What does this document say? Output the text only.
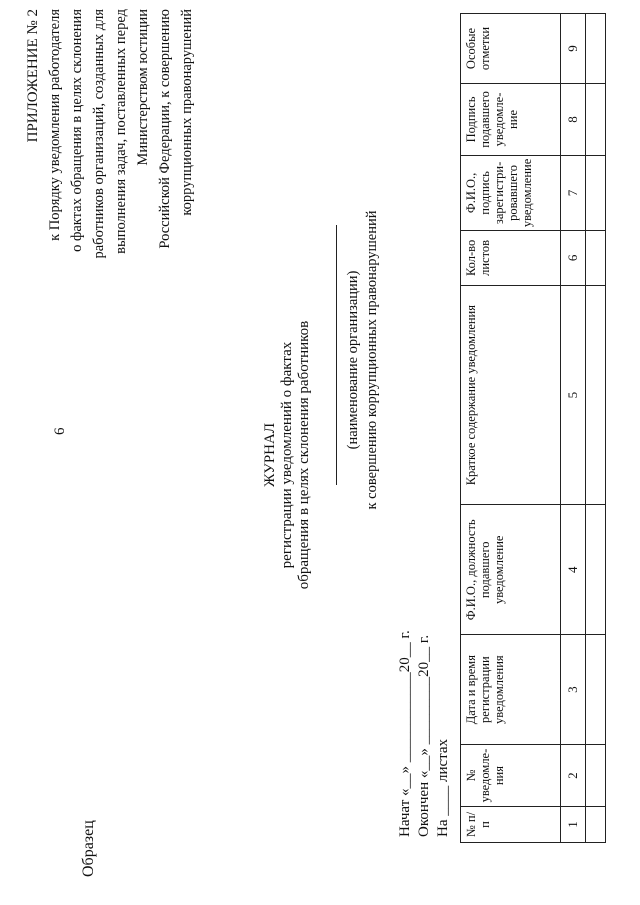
6
Образец
ПРИЛОЖЕНИЕ № 2 к Порядку уведомления работодателя о фактах обращения в целях склонения работников организаций, созданных для выполнения задач, поставленных перед Министерством юстиции Российской Федерации, к совершению коррупционных правонарушений
ЖУРНАЛ регистрации уведомлений о фактах обращения в целях склонения работников (наименование организации) к совершению коррупционных правонарушений
Начат «__» ____________20__ г. Окончен «__» _________20__ г. На ____ листах № п/п	№ уведомле-ния	Дата и время регистрации уведомления	Ф.И.О., должность подавшего уведомление	Краткое содержание уведомления	Кол-во листов	Ф.И.О., подпись зарегистри-ровавшего уведомление	Подпись подавшего уведомле-ние	Особые отметки
1	2	3	4	5	6	7	8	9
